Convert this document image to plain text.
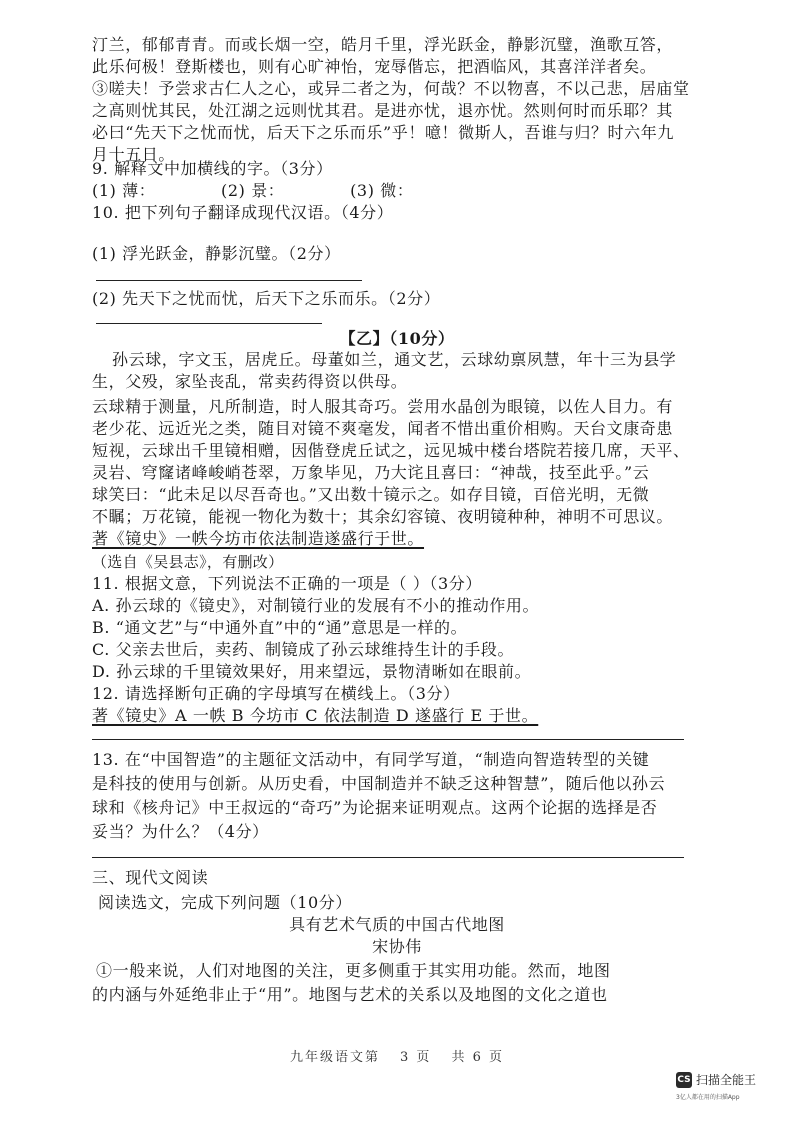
汀兰，郁郁青青。而或长烟一空，皓月千里，浮光跃金，静影沉璧，渔歌互答，
此乐何极！登斯楼也，则有心旷神怡，宠辱偕忘，把酒临风，其喜洋洋者矣。
③嗟夫！予尝求古仁人之心，或异二者之为，何哉？不以物喜，不以己悲，居庙堂
之高则忧其民，处江湖之远则忧其君。是进亦忧，退亦忧。然则何时而乐耶？其
必曰“先天下之忧而忧，后天下之乐而乐”乎！噫！微斯人，吾谁与归？时六年九
月十五日。
9. 解释文中加横线的字。（3分）
(1) 薄：	(2) 景：	(3) 微：
10. 把下列句子翻译成现代汉语。（4分）
(1) 浮光跃金，静影沉璧。（2分）
(2) 先天下之忧而忧，后天下之乐而乐。（2分）
【乙】（10分）
孙云球，字文玉，居虎丘。母董如兰，通文艺，云球幼禀夙慧，年十三为县学
生，父殁，家坠丧乱，常卖药得资以供母。
云球精于测量，凡所制造，时人服其奇巧。尝用水晶创为眼镜，以佐人目力。有
老少花、远近光之类，随目对镜不爽毫发，闻者不惜出重价相购。天台文康奇患
短视，云球出千里镜相赠，因偕登虎丘试之，远见城中楼台塔院若接几席，天平、
灵岩、穹窿诸峰峻峭苍翠，万象毕见，乃大诧且喜曰：“神哉，技至此乎。”云
球笑曰：“此未足以尽吾奇也。”又出数十镜示之。如存目镜，百倍光明，无微
不瞩；万花镜，能视一物化为数十；其余幻容镜、夜明镜种种，神明不可思议。
著《镜史》一帙今坊市依法制造遂盛行于世。
（选自《吴县志》，有删改）
11. 根据文意，下列说法不正确的一项是（ ）（3分）
A. 孙云球的《镜史》，对制镜行业的发展有不小的推动作用。
B. “通文艺”与“中通外直”中的“通”意思是一样的。
C. 父亲去世后，卖药、制镜成了孙云球维持生计的手段。
D. 孙云球的千里镜效果好，用来望远，景物清晰如在眼前。
12. 请选择断句正确的字母填写在横线上。（3分）
著《镜史》A 一帙 B 今坊市 C 依法制造 D 遂盛行 E 于世。
13. 在“中国智造”的主题征文活动中，有同学写道，“制造向智造转型的关键
是科技的使用与创新。从历史看，中国制造并不缺乏这种智慧”，随后他以孙云
球和《核舟记》中王叔远的“奇巧”为论据来证明观点。这两个论据的选择是否
妥当？为什么？（4分）
三、现代文阅读
阅读选文，完成下列问题（10分）
具有艺术气质的中国古代地图
宋协伟
①一般来说，人们对地图的关注，更多侧重于其实用功能。然而，地图
的内涵与外延绝非止于“用”。地图与艺术的关系以及地图的文化之道也
九年级语文第 3 页 共 6 页
CS 扫描全能王
3亿人都在用的扫描App
